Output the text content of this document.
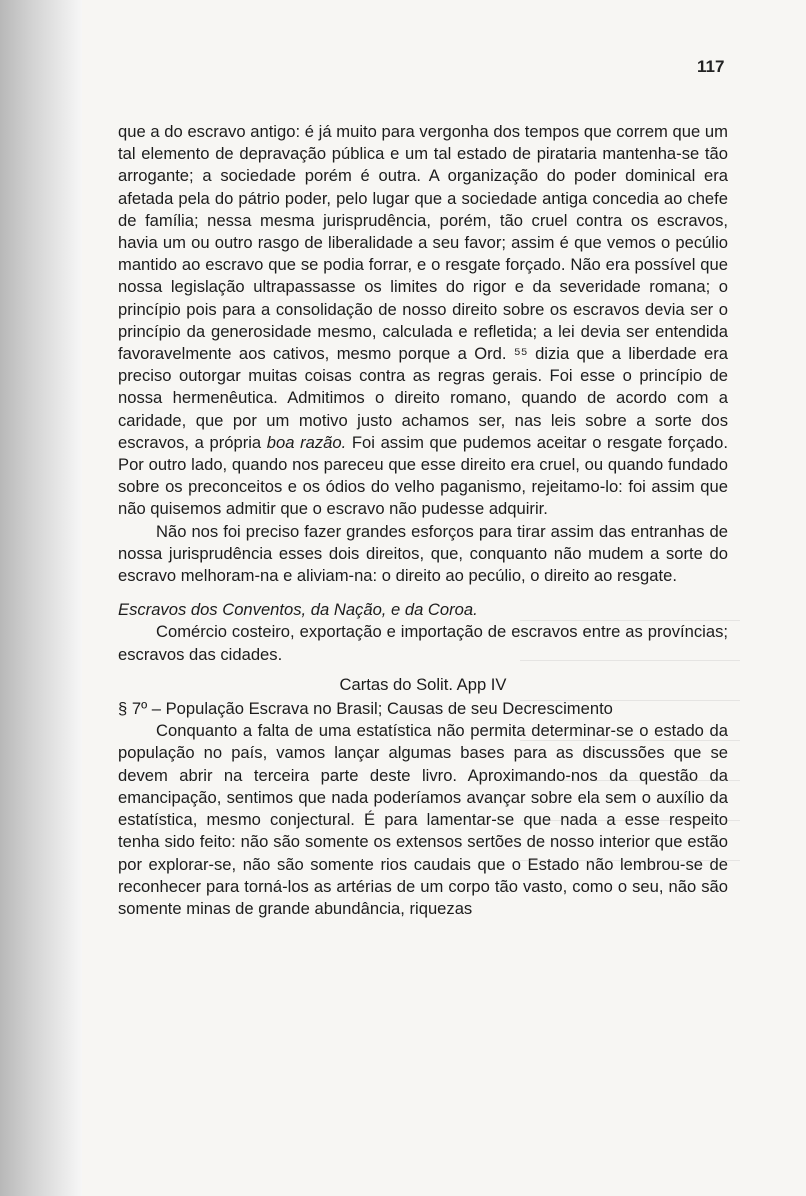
117

que a do escravo antigo: é já muito para vergonha dos tempos que correm que um tal elemento de depravação pública e um tal estado de pirataria mantenha-se tão arrogante; a sociedade porém é outra. A organização do poder dominical era afetada pela do pátrio poder, pelo lugar que a sociedade antiga concedia ao chefe de família; nessa mesma jurisprudência, porém, tão cruel contra os escravos, havia um ou outro rasgo de liberalidade a seu favor; assim é que vemos o pecúlio mantido ao escravo que se podia forrar, e o resgate forçado. Não era possível que nossa legislação ultrapassasse os limites do rigor e da severidade romana; o princípio pois para a consolidação de nosso direito sobre os escravos devia ser o princípio da generosidade mesmo, calculada e refletida; a lei devia ser entendida favoravelmente aos cativos, mesmo porque a Ord. ⁵⁵ dizia que a liberdade era preciso outorgar muitas coisas contra as regras gerais. Foi esse o princípio de nossa hermenêutica. Admitimos o direito romano, quando de acordo com a caridade, que por um motivo justo achamos ser, nas leis sobre a sorte dos escravos, a própria boa razão. Foi assim que pudemos aceitar o resgate forçado. Por outro lado, quando nos pareceu que esse direito era cruel, ou quando fundado sobre os preconceitos e os ódios do velho paganismo, rejeitamo-lo: foi assim que não quisemos admitir que o escravo não pudesse adquirir.

Não nos foi preciso fazer grandes esforços para tirar assim das entranhas de nossa jurisprudência esses dois direitos, que, conquanto não mudem a sorte do escravo melhoram-na e aliviam-na: o direito ao pecúlio, o direito ao resgate.

Escravos dos Conventos, da Nação, e da Coroa.

Comércio costeiro, exportação e importação de escravos entre as províncias; escravos das cidades.

Cartas do Solit. App IV

§ 7º – População Escrava no Brasil; Causas de seu Decrescimento

Conquanto a falta de uma estatística não permita determinar-se o estado da população no país, vamos lançar algumas bases para as discussões que se devem abrir na terceira parte deste livro. Aproximando-nos da questão da emancipação, sentimos que nada poderíamos avançar sobre ela sem o auxílio da estatística, mesmo conjectural. É para lamentar-se que nada a esse respeito tenha sido feito: não são somente os extensos sertões de nosso interior que estão por explorar-se, não são somente rios caudais que o Estado não lembrou-se de reconhecer para torná-los as artérias de um corpo tão vasto, como o seu, não são somente minas de grande abundância, riquezas
